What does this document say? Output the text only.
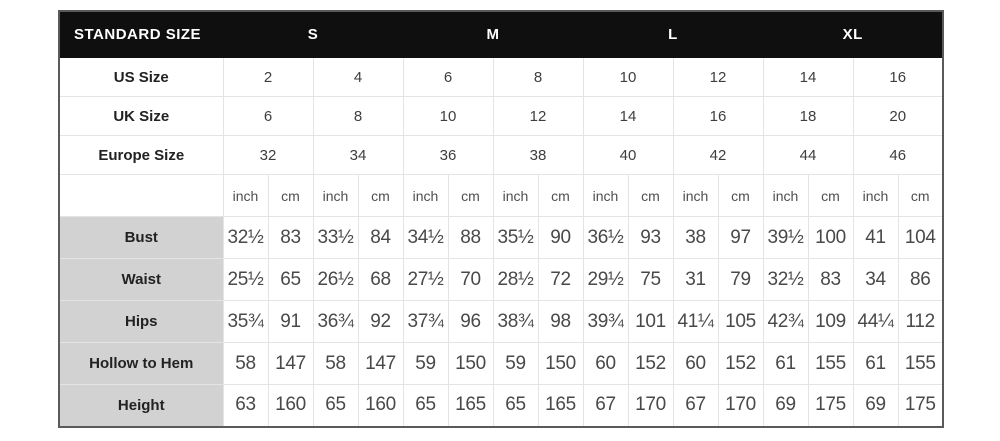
STANDARD SIZE	S				M				L				XL			
US Size	2		4		6		8		10		12		14		16	
UK Size	6		8		10		12		14		16		18		20	
Europe Size	32		34		36		38		40		42		44		46	
	inch	cm	inch	cm	inch	cm	inch	cm	inch	cm	inch	cm	inch	cm	inch	cm
Bust	32½	83	33½	84	34½	88	35½	90	36½	93	38	97	39½	100	41	104
Waist	25½	65	26½	68	27½	70	28½	72	29½	75	31	79	32½	83	34	86
Hips	35¾	91	36¾	92	37¾	96	38¾	98	39¾	101	41¼	105	42¾	109	44¼	112
Hollow to Hem	58	147	58	147	59	150	59	150	60	152	60	152	61	155	61	155
Height	63	160	65	160	65	165	65	165	67	170	67	170	69	175	69	175
